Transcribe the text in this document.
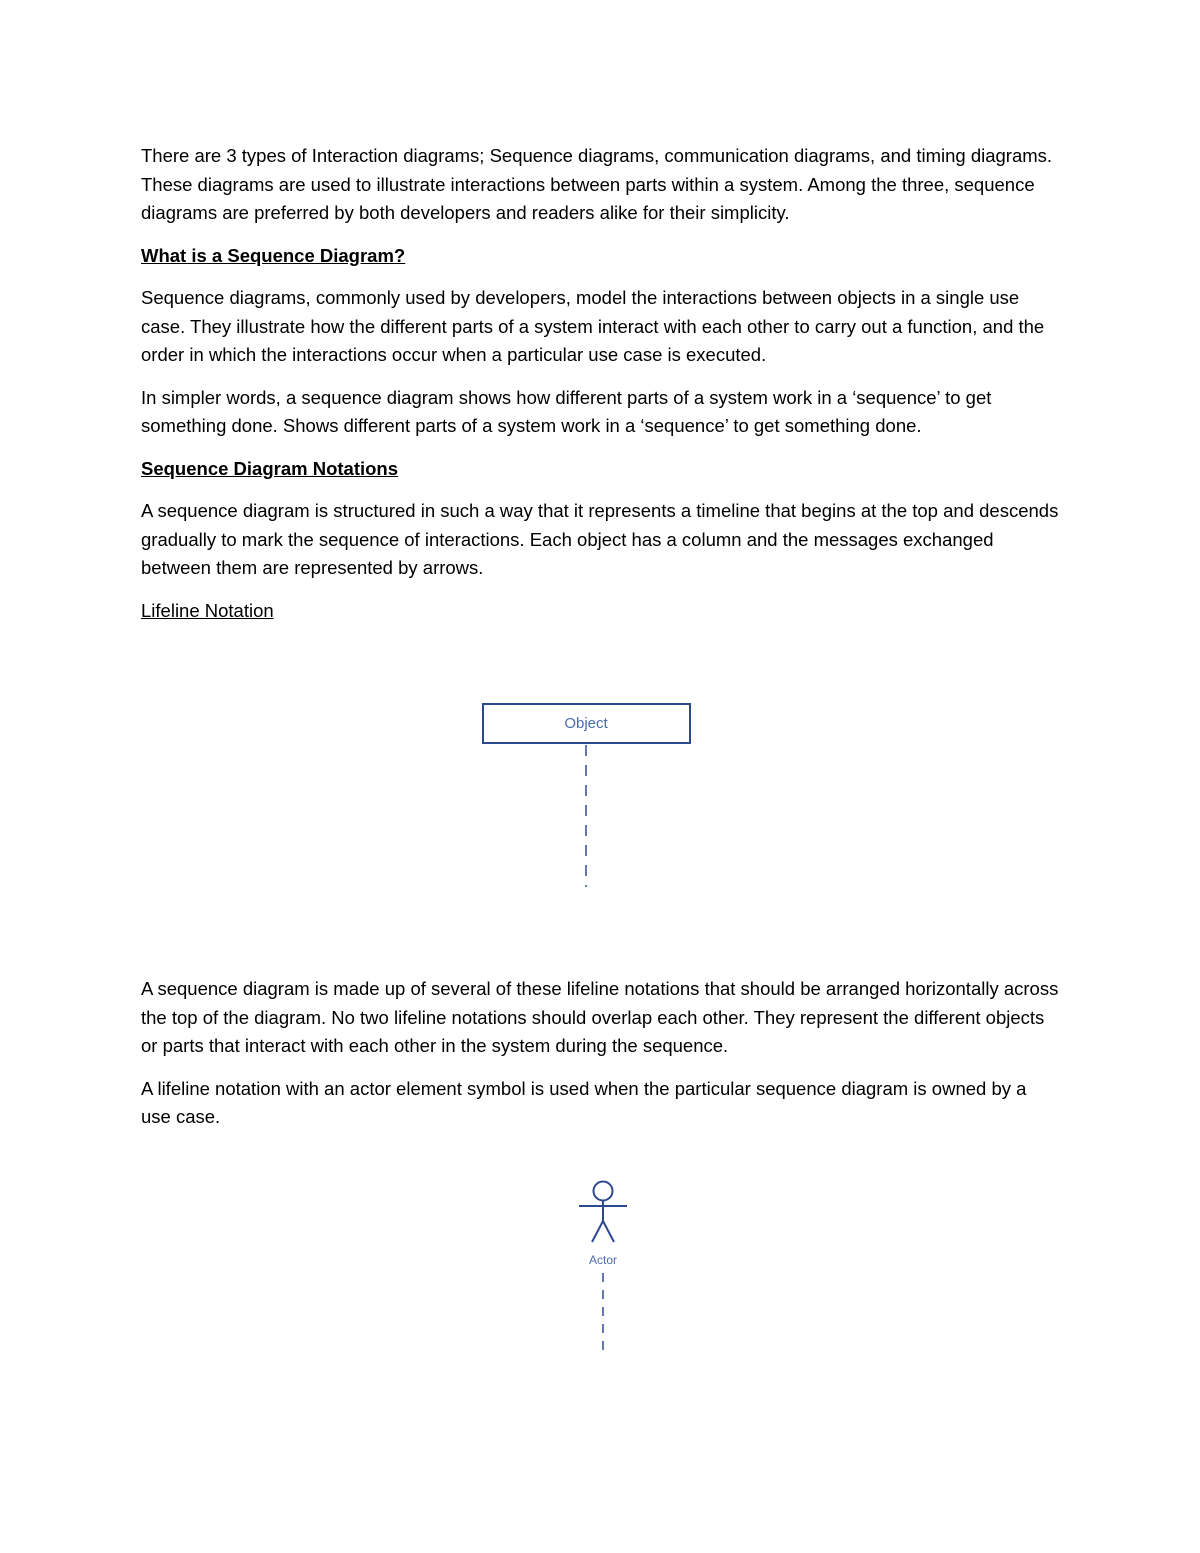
There are 3 types of Interaction diagrams; Sequence diagrams, communication diagrams, and timing diagrams. These diagrams are used to illustrate interactions between parts within a system. Among the three, sequence diagrams are preferred by both developers and readers alike for their simplicity.

What is a Sequence Diagram?

Sequence diagrams, commonly used by developers, model the interactions between objects in a single use case. They illustrate how the different parts of a system interact with each other to carry out a function, and the order in which the interactions occur when a particular use case is executed.

In simpler words, a sequence diagram shows how different parts of a system work in a ‘sequence’ to get something done. Shows different parts of a system work in a ‘sequence’ to get something done.

Sequence Diagram Notations

A sequence diagram is structured in such a way that it represents a timeline that begins at the top and descends gradually to mark the sequence of interactions. Each object has a column and the messages exchanged between them are represented by arrows.

Lifeline Notation

Object

A sequence diagram is made up of several of these lifeline notations that should be arranged horizontally across the top of the diagram. No two lifeline notations should overlap each other. They represent the different objects or parts that interact with each other in the system during the sequence.

A lifeline notation with an actor element symbol is used when the particular sequence diagram is owned by a use case.

Actor
